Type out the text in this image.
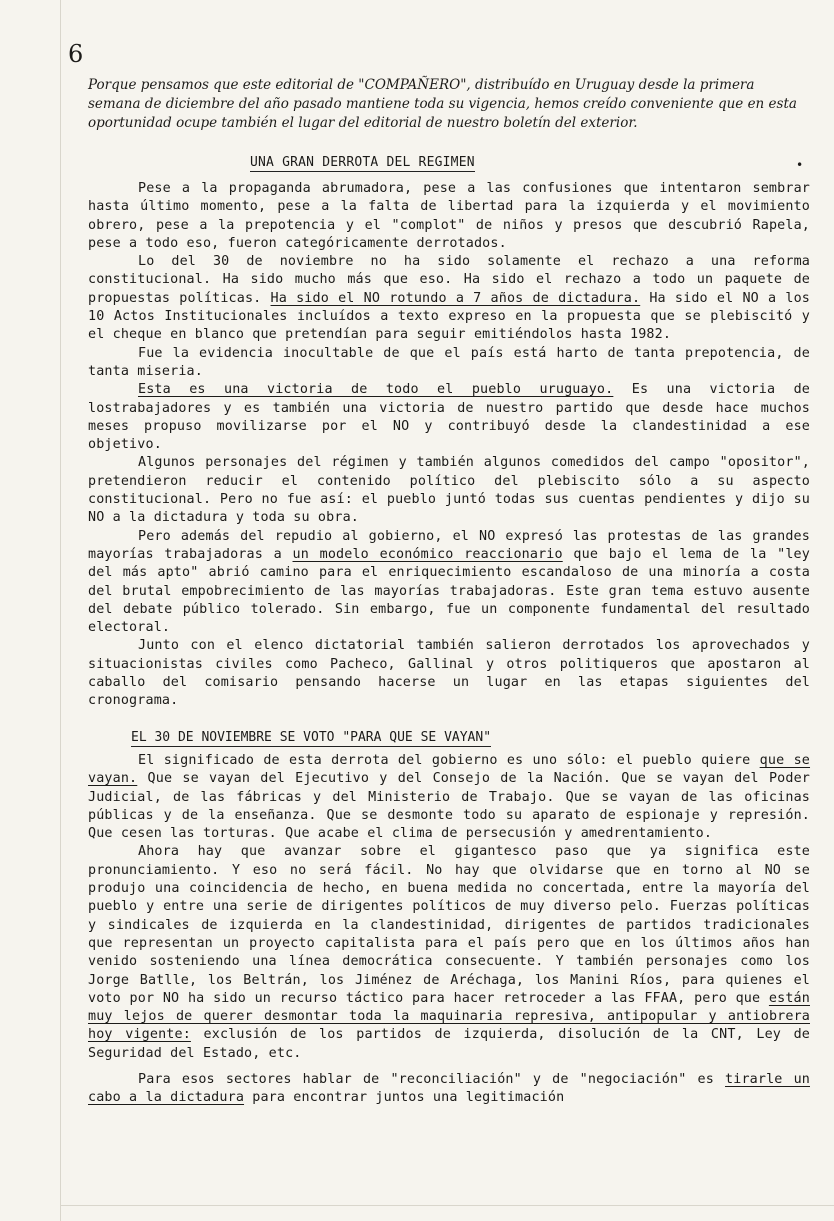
6
Porque pensamos que este editorial de "COMPAÑERO", distribuído en Uruguay desde la primera semana de diciembre del año pasado mantiene toda su vigencia, hemos creído conveniente que en esta oportunidad ocupe también el lugar del editorial de nuestro boletín del exterior.
UNA GRAN DERROTA DEL REGIMEN	•

Pese a la propaganda abrumadora, pese a las confusiones que intentaron sembrar hasta último momento, pese a la falta de libertad para la izquierda y el movimiento obrero, pese a la prepotencia y el "complot" de niños y presos que descubrió Rapela, pese a todo eso, fueron categóricamente derrotados.

Lo del 30 de noviembre no ha sido solamente el rechazo a una reforma constitucional. Ha sido mucho más que eso. Ha sido el rechazo a todo un paquete de propuestas políticas. Ha sido el NO rotundo a 7 años de dictadura. Ha sido el NO a los 10 Actos Institucionales incluídos a texto expreso en la propuesta que se plebiscitó y el cheque en blanco que pretendían para seguir emitiéndolos hasta 1982.

Fue la evidencia inocultable de que el país está harto de tanta prepotencia, de tanta miseria.

Esta es una victoria de todo el pueblo uruguayo. Es una victoria de lostrabajadores y es también una victoria de nuestro partido que desde hace muchos meses propuso movilizarse por el NO y contribuyó desde la clandestinidad a ese objetivo.

Algunos personajes del régimen y también algunos comedidos del campo "opositor", pretendieron reducir el contenido político del plebiscito sólo a su aspecto constitucional. Pero no fue así: el pueblo juntó todas sus cuentas pendientes y dijo su NO a la dictadura y toda su obra.

Pero además del repudio al gobierno, el NO expresó las protestas de las grandes mayorías trabajadoras a un modelo económico reaccionario que bajo el lema de la "ley del más apto" abrió camino para el enriquecimiento escandaloso de una minoría a costa del brutal empobrecimiento de las mayorías trabajadoras. Este gran tema estuvo ausente del debate público tolerado. Sin embargo, fue un componente fundamental del resultado electoral.

Junto con el elenco dictatorial también salieron derrotados los aprovechados y situacionistas civiles como Pacheco, Gallinal y otros politiqueros que apostaron al caballo del comisario pensando hacerse un lugar en las etapas siguientes del cronograma.

EL 30 DE NOVIEMBRE SE VOTO "PARA QUE SE VAYAN"

El significado de esta derrota del gobierno es uno sólo: el pueblo quiere que se vayan. Que se vayan del Ejecutivo y del Consejo de la Nación. Que se vayan del Poder Judicial, de las fábricas y del Ministerio de Trabajo. Que se vayan de las oficinas públicas y de la enseñanza. Que se desmonte todo su aparato de espionaje y represión. Que cesen las torturas. Que acabe el clima de persecusión y amedrentamiento.

Ahora hay que avanzar sobre el gigantesco paso que ya significa este pronunciamiento. Y eso no será fácil. No hay que olvidarse que en torno al NO se produjo una coincidencia de hecho, en buena medida no concertada, entre la mayoría del pueblo y entre una serie de dirigentes políticos de muy diverso pelo. Fuerzas políticas y sindicales de izquierda en la clandestinidad, dirigentes de partidos tradicionales que representan un proyecto capitalista para el país pero que en los últimos años han venido sosteniendo una línea democrática consecuente. Y también personajes como los Jorge Batlle, los Beltrán, los Jiménez de Aréchaga, los Manini Ríos, para quienes el voto por NO ha sido un recurso táctico para hacer retroceder a las FFAA, pero que están muy lejos de querer desmontar toda la maquinaria represiva, antipopular y antiobrera hoy vigente: exclusión de los partidos de izquierda, disolución de la CNT, Ley de Seguridad del Estado, etc.

Para esos sectores hablar de "reconciliación" y de "negociación" es tirarle un cabo a la dictadura para encontrar juntos una legitimación
